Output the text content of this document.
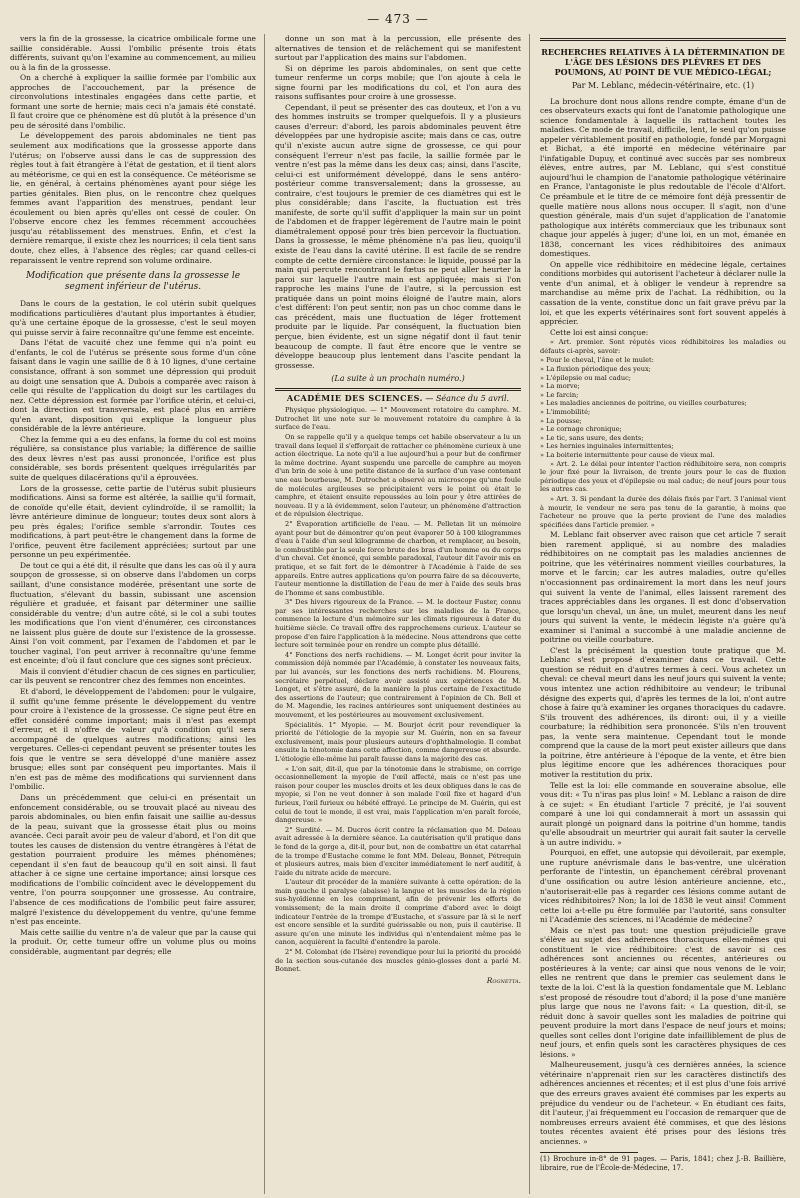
— 473 —

vers la fin de la grossesse, la cicatrice ombilicale forme une saillie considérable. Aussi l'ombilic présente trois états différents, suivant qu'on l'examine au commencement, au milieu ou à la fin de la grossesse.

On a cherché à expliquer la saillie formée par l'ombilic aux approches de l'accouchement, par la présence de circonvolutions intestinales engagées dans cette partie, et formant une sorte de hernie; mais ceci n'a jamais été constaté. Il faut croire que ce phénomène est dû plutôt à la présence d'un peu de sérosité dans l'ombilic.

Le développement des parois abdominales ne tient pas seulement aux modifications que la grossesse apporte dans l'utérus; on l'observe aussi dans le cas de suppression des règles tout à fait étrangère à l'état de gestation, et il tient alors au météorisme, ce qui en est la conséquence. Ce météorisme se lie, en général, à certains phénomènes ayant pour siége les parties génitales. Bien plus, on le rencontre chez quelques femmes avant l'apparition des menstrues, pendant leur écoulement ou bien après qu'elles ont cessé de couler. On l'observe encore chez les femmes récemment accouchées jusqu'au rétablissement des menstrues. Enfin, et c'est la dernière remarque, il existe chez les nourrices; il cela tient sans doute, chez elles, à l'absence des règles; car quand celles-ci reparaissent le ventre reprend son volume ordinaire.

Modification que présente dans la grossesse le segment inférieur de l'utérus.

Dans le cours de la gestation, le col utérin subit quelques modifications particulières d'autant plus importantes à étudier, qu'à une certaine époque de la grossesse, c'est le seul moyen qui puisse servir à faire reconnaître qu'une femme est enceinte.

Dans l'état de vacuité chez une femme qui n'a point eu d'enfants, le col de l'utérus se présente sous forme d'un cône faisant dans le vagin une saillie de 8 à 10 lignes, d'une certaine consistance, offrant à son sommet une dépression qui produit au doigt une sensation que A. Dubois a comparée avec raison à celle qui résulte de l'application du doigt sur les cartilages du nez. Cette dépression est formée par l'orifice utérin, et celui-ci, dont la direction est transversale, est placé plus en arrière qu'en avant, disposition qui explique la longueur plus considérable de la lèvre antérieure.

Chez la femme qui a eu des enfans, la forme du col est moins régulière, sa consistance plus variable; la différence de saillie des deux lèvres n'est pas aussi prononcée, l'orifice est plus considérable, ses bords présentent quelques irrégularités par suite de quelques dilacérations qu'il a éprouvées.

Lors de la grossesse, cette partie de l'utérus subit plusieurs modifications. Ainsi sa forme est altérée, la saillie qu'il formait, de conoïde qu'elle était, devient cylindroïde, il se ramollit; la lèvre antérieure diminue de longueur; toutes deux sont alors à peu près égales; l'orifice semble s'arrondir. Toutes ces modifications, à part peut-être le changement dans la forme de l'orifice, peuvent être facilement appréciées; surtout par une personne un peu expérimentée.

De tout ce qui a été dit, il résulte que dans les cas où il y aura soupçon de grossesse, si on observe dans l'abdomen un corps saillant, d'une consistance modérée, présentant une sorte de fluctuation, s'élevant du bassin, subissant une ascension régulière et graduée, et faisant par déterminer une saillie considérable du ventre; d'un autre côté, si le col a subi toutes les modifications que l'on vient d'énumérer, ces circonstances ne laissent plus guère de doute sur l'existence de la grossesse. Ainsi l'on voit comment, par l'examen de l'abdomen et par le toucher vaginal, l'on peut arriver à reconnaître qu'une femme est enceinte; d'où il faut conclure que ces signes sont précieux.

Mais il convient d'étudier chacun de ces signes en particulier, car ils peuvent se rencontrer chez des femmes non enceintes.

Et d'abord, le développement de l'abdomen: pour le vulgaire, il suffit qu'une femme présente le développement du ventre pour croire à l'existence de la grossesse. Ce signe peut être en effet considéré comme important; mais il n'est pas exempt d'erreur, et il n'offre de valeur qu'à condition qu'il sera accompagné de quelques autres modifications; ainsi les vergetures. Celles-ci cependant peuvent se présenter toutes les fois que le ventre se sera développé d'une manière assez brusque; elles sont par conséquent peu importantes. Mais il n'en est pas de même des modifications qui surviennent dans l'ombilic.

Dans un précédemment que celui-ci en présentait un enfoncement considérable, ou se trouvait placé au niveau des parois abdominales, ou bien enfin faisait une saillie au-dessus de la peau, suivant que la grossesse était plus ou moins avancée. Ceci paraît avoir peu de valeur d'abord, et l'on dit que toutes les causes de distension du ventre étrangères à l'état de gestation pourraient produire les mêmes phénomènes; cependant il s'en faut de beaucoup qu'il en soit ainsi. Il faut attacher à ce signe une certaine importance; ainsi lorsque ces modifications de l'ombilic coïncident avec le développement du ventre, l'on pourra soupçonner une grossesse. Au contraire, l'absence de ces modifications de l'ombilic peut faire assurer, malgré l'existence du développement du ventre, qu'une femme n'est pas enceinte.

Mais cette saillie du ventre n'a de valeur que par la cause qui la produit. Or, cette tumeur offre un volume plus ou moins considérable, augmentant par degrés; elle

donne un son mat à la percussion, elle présente des alternatives de tension et de relâchement qui se manifestent surtout par l'application des mains sur l'abdomen.

Si on déprime les parois abdominales, on sent que cette tumeur renferme un corps mobile; que l'on ajoute à cela le signe fourni par les modifications du col, et l'on aura des raisons suffisantes pour croire à une grossesse.

Cependant, il peut se présenter des cas douteux, et l'on a vu des hommes instruits se tromper quelquefois. Il y a plusieurs causes d'erreur: d'abord, les parois abdominales peuvent être développées par une hydropisie ascite; mais dans ce cas, outre qu'il n'existe aucun autre signe de grossesse, ce qui pour conséquent l'erreur n'est pas facile, la saillie formée par le ventre n'est pas la même dans les deux cas; ainsi, dans l'ascite, celui-ci est uniformément développé, dans le sens antéro-postérieur comme transversalement; dans la grossesse, au contraire, c'est toujours le premier de ces diamètres qui est le plus considérable; dans l'ascite, la fluctuation est très manifeste, de sorte qu'il suffit d'appliquer la main sur un point de l'abdomen et de frapper légèrement de l'autre main le point diamétralement opposé pour très bien percevoir la fluctuation. Dans la grossesse, le même phénomène n'a pas lieu, quoiqu'il existe de l'eau dans la cavité utérine. Il est facile de se rendre compte de cette dernière circonstance: le liquide, poussé par la main qui percute rencontrant le fœtus ne peut aller heurter la paroi sur laquelle l'autre main est appliquée; mais si l'on rapproche les mains l'une de l'autre, si la percussion est pratiquée dans un point moins éloigné de l'autre main, alors c'est différent: l'on peut sentir, non pas un choc comme dans le cas précédent, mais une fluctuation de léger frottement produite par le liquide. Par conséquent, la fluctuation bien perçue, bien évidente, est un signe négatif dont il faut tenir beaucoup de compte. Il faut être encore que le ventre se développe beaucoup plus lentement dans l'ascite pendant la grossesse.

(La suite à un prochain numéro.)
ACADÉMIE DES SCIENCES. — Séance du 5 avril.

Physique physiologique. — 1° Mouvement rotatoire du camphre. M. Dutrochet lit une note sur le mouvement rotatoire du camphre à la surface de l'eau.

On se rappelle qu'il y a quelque temps cet habile observateur a lu un travail dans lequel il s'efforçait de rattacher ce phénomène curieux à une action électrique. La note qu'il a lue aujourd'hui a pour but de confirmer la même doctrine. Ayant suspendu une parcelle de camphre au moyen d'un brin de soie à une petite distance de la surface d'un vase contenant une eau bourbeuse, M. Dutrochet a observé au microscope qu'une foule de molécules argileuses se précipitaient vers le point où était le camphre, et étaient ensuite repoussées au loin pour y être attirées de nouveau. Il y a là évidemment, selon l'auteur, un phénomène d'attraction et de répulsion électrique.

2° Évaporation artificielle de l'eau. — M. Pelletan lit un mémoire ayant pour but de démontrer qu'on peut évaporer 50 à 100 kilogrammes d'eau à l'aide d'un seul kilogramme de charbon, et remplacer, au besoin, le combustible par la seule force brute des bras d'un homme ou du corps d'un cheval. Cet énoncé, qui semble paradoxal, l'auteur dit l'avoir mis en pratique, et se fait fort de le démontrer à l'Académie à l'aide de ses appareils. Entre autres applications qu'on pourra faire de sa découverte, l'auteur mentionne la distillation de l'eau de mer à l'aide des seuls bras de l'homme et sans combustible.

3° Des hivers rigoureux de la France. — M. le docteur Fuster, connu par ses intéressantes recherches sur les maladies de la France, commence la lecture d'un mémoire sur les climats rigoureux à dater du huitième siècle. Ce travail offre des rapprochemens curieux. L'auteur se propose d'en faire l'application à la médecine. Nous attendrons que cette lecture soit terminée pour en rendre un compte plus détaillé.

4° Fonctions des nerfs rachidiens. — M. Longet écrit pour inviter la commission déjà nommée par l'Académie, à constater les nouveaux faits, par lui avancés, sur les fonctions des nerfs rachidiens. M. Flourens, secrétaire perpétuel, déclare avoir assisté aux expériences de M. Longet, et s'être assuré, de la manière la plus certaine de l'exactitude des assertions de l'auteur; que contrairement à l'opinion de Ch. Bell et de M. Magendie, les racines antérieures sont uniquement destinées au mouvement, et les postérieures au mouvement exclusivement.

Spécialités. 1° Myopie. — M. Bourjot écrit pour revendiquer la priorité de l'étiologie de la myopie sur M. Guérin, non en sa faveur exclusivement, mais pour plusieurs auteurs d'ophthalmologie. Il combat ensuite la ténotomie dans cette affection, comme dangereuse et absurde. L'étiologie elle-même lui paraît fausse dans la majorité des cas.

« L'on sait, dit-il, que par la ténotomie dans le strabisme, on corrige occasionnellement la myopie de l'œil affecté, mais ce n'est pas une raison pour couper les muscles droits et les deux obliques dans le cas de myopie, si l'on ne veut donner à son malade l'œil fixe et hagard d'un furieux, l'œil furieux ou hébété effrayé. Le principe de M. Guérin, qui est celui de tout le monde, il est vrai, mais l'application m'en paraît forcée, dangereuse. »

2° Surdité. — M. Ducros écrit contre la réclamation que M. Deleau avait adressée à la dernière séance. La cautérisation qu'il pratique dans le fond de la gorge a, dit-il, pour but, non de combattre un état catarrhal de la trompe d'Eustache comme le font MM. Deleau, Bonnet, Pétrequin et plusieurs autres, mais bien d'exciter immédiatement le nerf auditif, à l'aide du nitrate acide de mercure.

L'auteur dit procéder de la manière suivante à cette opération: de la main gauche il paralyse (abaisse) la langue et les muscles de la région sus-hyoïdienne en les comprimant, afin de prévenir les efforts de vomissement; de la main droite il comprime d'abord avec le doigt indicateur l'entrée de la trompe d'Eustache, et s'assure par là si le nerf est encore sensible et la surdité guérissable ou non, puis il cautérise. Il assure qu'en une minute les individus qui n'entendaient même pas le canon, acquièrent la faculté d'entendre la parole.

2° M. Colombat (de l'Isère) revendique pour lui la priorité du procédé de la section sous-cutanée des muscles génio-glosses dont a parlé M. Bonnet.

Rognetta.
RECHERCHES RELATIVES À LA DÉTERMINATION DE L'ÂGE DES LÉSIONS DES PLÈVRES ET DES POUMONS, AU POINT DE VUE MÉDICO-LÉGAL;
Par M. Leblanc, médecin-vétérinaire, etc. (1)

La brochure dont nous allons rendre compte, émane d'un de ces observateurs exacts qui font de l'anatomie pathologique une science fondamentale à laquelle ils rattachent toutes les maladies. Ce mode de travail, difficile, lent, le seul qu'on puisse appeler véritablement positif en pathologie, fondé par Morgagni et Bichat, a été importé en médecine vétérinaire par l'infatigable Dupuy, et continué avec succès par ses nombreux élèves, entre autres, par M. Leblanc, qui s'est constitué aujourd'hui le champion de l'anatomie pathologique vétérinaire en France, l'antagoniste le plus redoutable de l'école d'Alfort. Ce préambule et le titre de ce mémoire font déjà pressentir de quelle matière nous allons nous occuper. Il s'agit, non d'une question générale, mais d'un sujet d'application de l'anatomie pathologique aux intérêts commerciaux que les tribunaux sont chaque jour appelés à juger; d'une loi, en un mot, émanée en 1838, concernant les vices rédhibitoires des animaux domestiques.

On appelle vice rédhibitoire en médecine légale, certaines conditions morbides qui autorisent l'acheteur à déclarer nulle la vente d'un animal, et à obliger le vendeur à reprendre sa marchandise au même prix de l'achat. La rédhibition, ou la cassation de la vente, constitue donc un fait grave prévu par la loi, et que les experts vétérinaires sont fort souvent appelés à apprécier.

Cette loi est ainsi conçue:

« Art. premier. Sont réputés vices rédhibitoires les maladies ou défauts ci-après, savoir:

» Pour le cheval, l'âne et le mulet:
» La fluxion périodique des yeux;
» L'épilepsie ou mal caduc;
» La morve;
» Le farcin;
» Les maladies anciennes de poitrine, ou vieilles courbatures;
» L'immobilité;
» La pousse;
» Le cornage chronique;
» Le tic, sans usure, des dents;
» Les hernies inguinales intermittentes;
» La boiterie intermittente pour cause de vieux mal.

» Art. 2. Le délai pour intenter l'action rédhibitoire sera, non compris le jour fixé pour la livraison, de trente jours pour le cas de fluxion périodique des yeux et d'épilepsie ou mal caduc; de neuf jours pour tous les autres cas.

» Art. 3. Si pendant la durée des délais fixés par l'art. 3 l'animal vient à mourir, le vendeur ne sera pas tenu de la garantie, à moins que l'acheteur ne prouve que la perte provient de l'une des maladies spécifiées dans l'article premier. »

M. Leblanc fait observer avec raison que cet article 7 serait bien rarement appliqué, si au nombre des maladies rédhibitoires on ne comptait pas les maladies anciennes de poitrine, que les vétérinaires nomment vieilles courbatures, la morve et le farcin; car les autres maladies, outre qu'elles n'occasionnent pas ordinairement la mort dans les neuf jours qui suivent la vente de l'animal, elles laissent rarement des traces appréciables dans les organes. Il est donc d'observation que lorsqu'un cheval, un âne, un mulet, meurent dans les neuf jours qui suivent la vente, le médecin légiste n'a guère qu'à examiner si l'animal a succombé à une maladie ancienne de poitrine ou vieille courbature.

C'est la précisément la question toute pratique que M. Leblanc s'est proposé d'examiner dans ce travail. Cette question se réduit en d'autres termes à ceci. Vous achetez un cheval: ce cheval meurt dans les neuf jours qui suivent la vente; vous intentez une action rédhibitoire au vendeur; le tribunal désigne des experts qui, d'après les termes de la loi, n'ont autre chose à faire qu'à examiner les organes thoraciques du cadavre. S'ils trouvent des adhérences, ils diront: oui, il y a vieille courbature; la rédhibition sera prononcée. S'ils n'en trouvent pas, la vente sera maintenue. Cependant tout le monde comprend que la cause de la mort peut exister ailleurs que dans la poitrine, être antérieure à l'époque de la vente, et être bien plus légitime encore que les adhérences thoraciques pour motiver la restitution du prix.

Telle est la loi: elle commande en souveraine absolue, elle vous dit: « Tu n'iras pas plus loin! » M. Leblanc a raison de dire à ce sujet: « En étudiant l'article 7 précité, je l'ai souvent comparé à une loi qui condamnerait à mort un assassin qui aurait plongé un poignard dans la poitrine d'un homme, tandis qu'elle absoudrait un meurtrier qui aurait fait sauter la cervelle à un autre individu. »

Pourquoi, en effet, une autopsie qui dévoilerait, par exemple, une rupture anévrismale dans le bas-ventre, une ulcération perforante de l'intestin, un épanchement cérébral provenant d'une ossification ou autre lésion antérieure ancienne, etc., n'autoriserait-elle pas à regarder ces lésions comme autant de vices rédhibitoires? Non; la loi de 1838 le veut ainsi! Comment cette loi a-t-elle pu être formulée par l'autorité, sans consulter ni l'Académie des sciences, ni l'Académie de médecine?

Mais ce n'est pas tout: une question préjudicielle grave s'élève au sujet des adhérences thoraciques elles-mêmes qui constituent le vice rédhibitoire: c'est de savoir si ces adhérences sont anciennes ou récentes, antérieures ou postérieures à la vente; car ainsi que nous venons de le voir, elles ne rentrent que dans le premier cas seulement dans le texte de la loi. C'est là la question fondamentale que M. Leblanc s'est proposé de résoudre tout d'abord; il la pose d'une manière plus large que nous ne l'avons fait: « La question, dit-il, se réduit donc à savoir quelles sont les maladies de poitrine qui peuvent produire la mort dans l'espace de neuf jours et moins; quelles sont celles dont l'origine date infailliblement de plus de neuf jours, et enfin quels sont les caractères physiques de ces lésions. »

Malheureusement, jusqu'à ces dernières années, la science vétérinaire n'apprenait rien sur les caractères distinctifs des adhérences anciennes et récentes; et il est plus d'une fois arrivé que des erreurs graves avaient été commises par les experts au préjudice du vendeur ou de l'acheteur. « En étudiant ces faits, dit l'auteur, j'ai fréquemment eu l'occasion de remarquer que de nombreuses erreurs avaient été commises, et que des lésions toutes récentes avaient été prises pour des lésions très anciennes. »

(1) Brochure in-8° de 91 pages. — Paris, 1841; chez J.-B. Baillière, libraire, rue de l'École-de-Médecine, 17.
